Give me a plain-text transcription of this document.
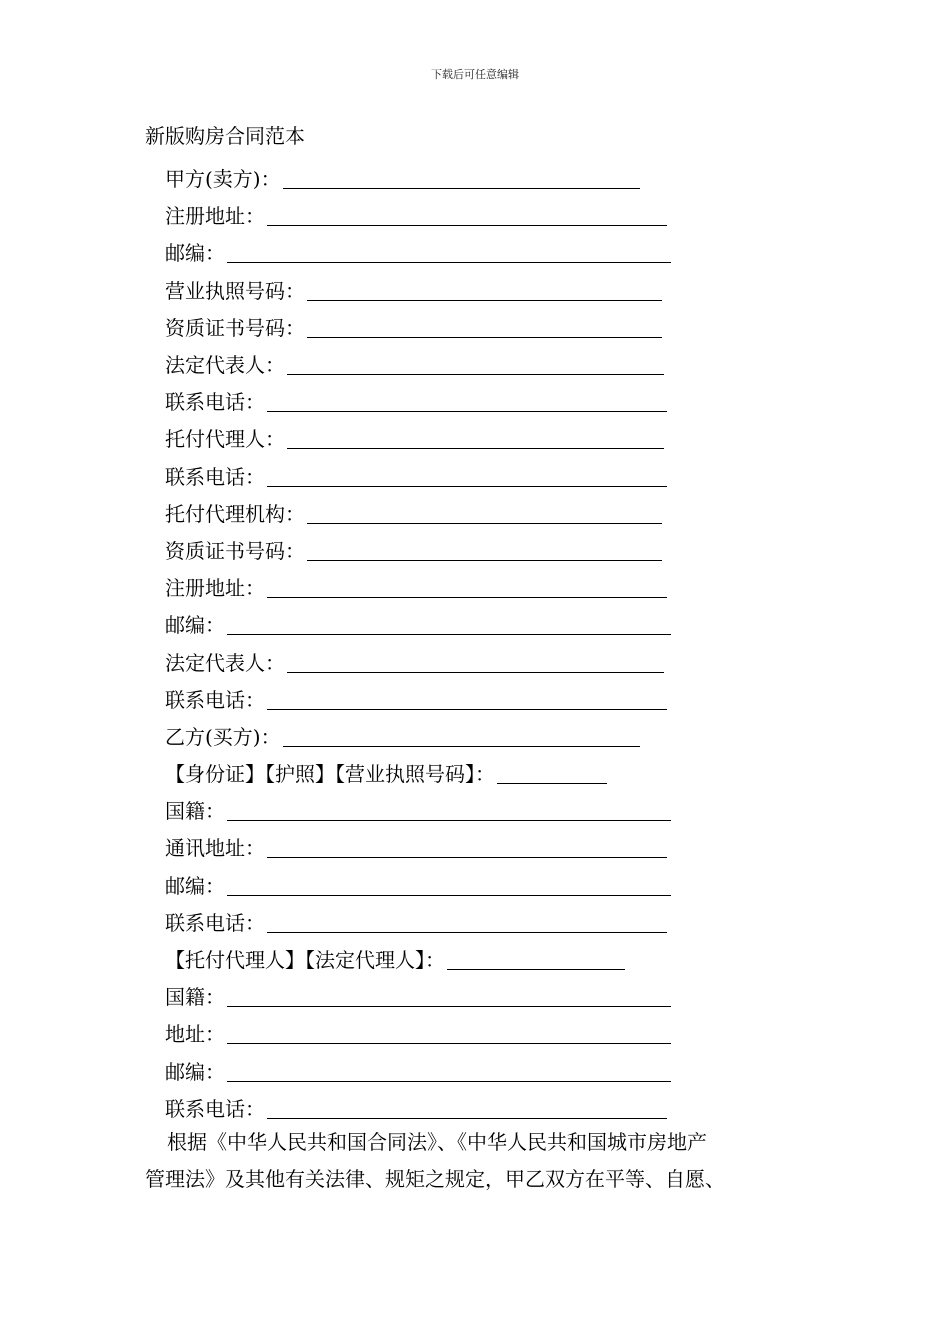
下载后可任意编辑
新版购房合同范本
甲方(卖方)：
注册地址：
邮编：
营业执照号码：
资质证书号码：
法定代表人：
联系电话：
托付代理人：
联系电话：
托付代理机构：
资质证书号码：
注册地址：
邮编：
法定代表人：
联系电话：
乙方(买方)：
【身份证】【护照】【营业执照号码】：
国籍：
通讯地址：
邮编：
联系电话：
【托付代理人】【法定代理人】：
国籍：
地址：
邮编：
联系电话：
根据《中华人民共和国合同法》、《中华人民共和国城市房地产
管理法》及其他有关法律、规矩之规定，甲乙双方在平等、自愿、
